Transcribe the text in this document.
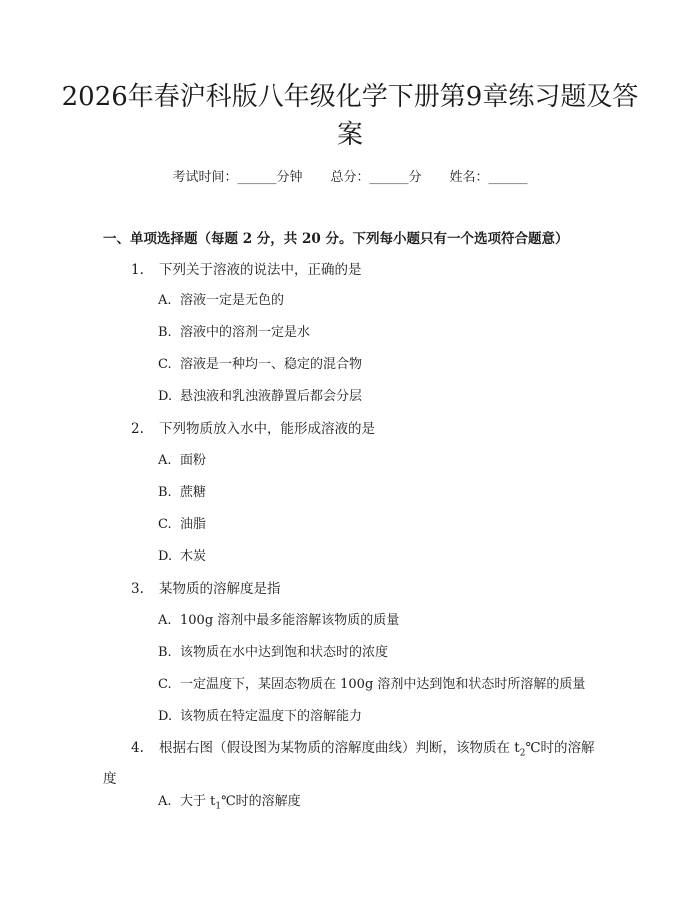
2026年春沪科版八年级化学下册第9章练习题及答案
考试时间：______分钟 总分：______分 姓名：______
一、单项选择题（每题 2 分，共 20 分。下列每小题只有一个选项符合题意）
1. 下列关于溶液的说法中，正确的是
A. 溶液一定是无色的
B. 溶液中的溶剂一定是水
C. 溶液是一种均一、稳定的混合物
D. 悬浊液和乳浊液静置后都会分层
2. 下列物质放入水中，能形成溶液的是
A. 面粉
B. 蔗糖
C. 油脂
D. 木炭
3. 某物质的溶解度是指
A. 100g 溶剂中最多能溶解该物质的质量
B. 该物质在水中达到饱和状态时的浓度
C. 一定温度下，某固态物质在 100g 溶剂中达到饱和状态时所溶解的质量
D. 该物质在特定温度下的溶解能力
4. 根据右图（假设图为某物质的溶解度曲线）判断，该物质在 $t_2℃$时的溶解度
A. 大于 $t_1℃$时的溶解度
